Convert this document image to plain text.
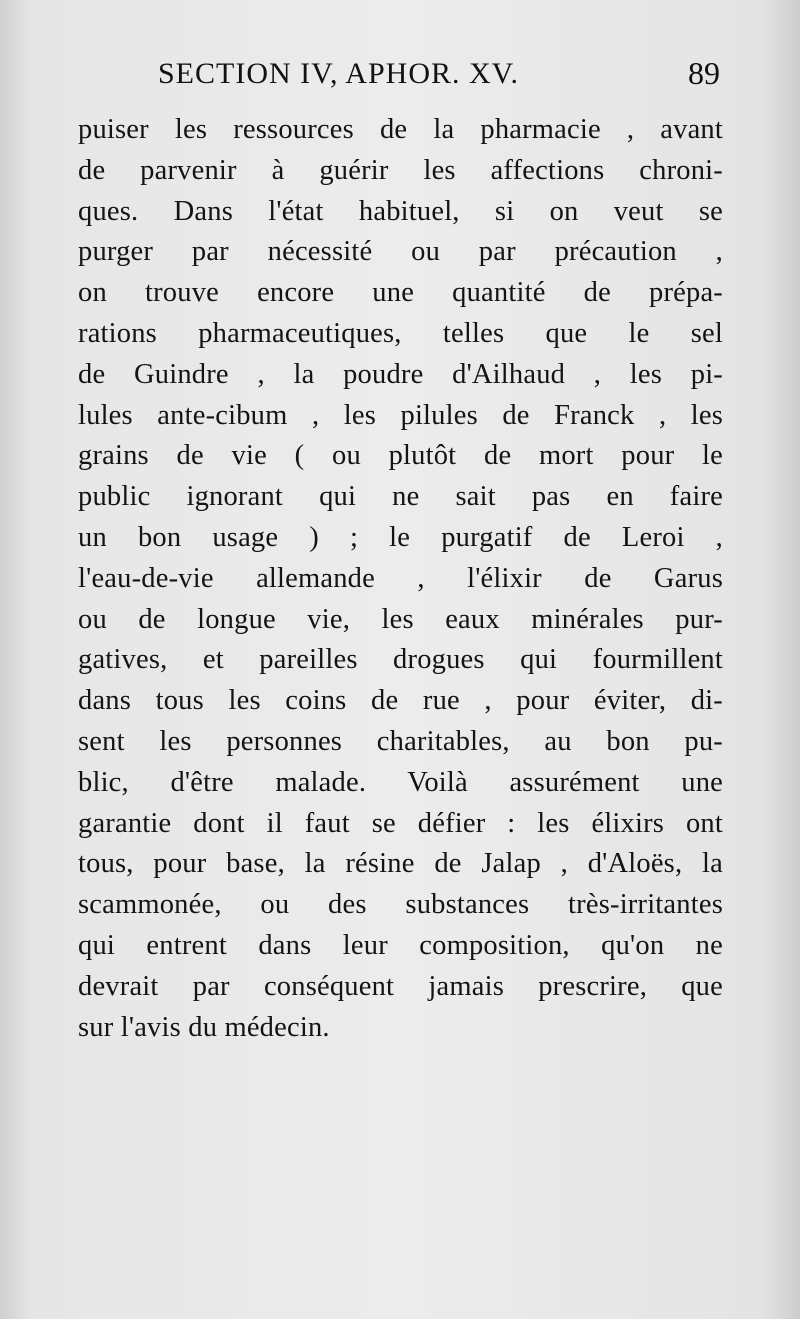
SECTION IV, APHOR. XV.	89
puiser les ressources de la pharmacie , avant
de parvenir à guérir les affections chroni-
ques. Dans l'état habituel, si on veut se
purger par nécessité ou par précaution ,
on trouve encore une quantité de prépa-
rations pharmaceutiques, telles que le sel
de Guindre , la poudre d'Ailhaud , les pi-
lules ante-cibum , les pilules de Franck , les
grains de vie ( ou plutôt de mort pour le
public ignorant qui ne sait pas en faire
un bon usage ) ; le purgatif de Leroi ,
l'eau-de-vie allemande , l'élixir de Garus
ou de longue vie, les eaux minérales pur-
gatives, et pareilles drogues qui fourmillent
dans tous les coins de rue , pour éviter, di-
sent les personnes charitables, au bon pu-
blic, d'être malade. Voilà assurément une
garantie dont il faut se défier : les élixirs ont
tous, pour base, la résine de Jalap , d'Aloës, la
scammonée, ou des substances très-irritantes
qui entrent dans leur composition, qu'on ne
devrait par conséquent jamais prescrire, que
sur l'avis du médecin.
